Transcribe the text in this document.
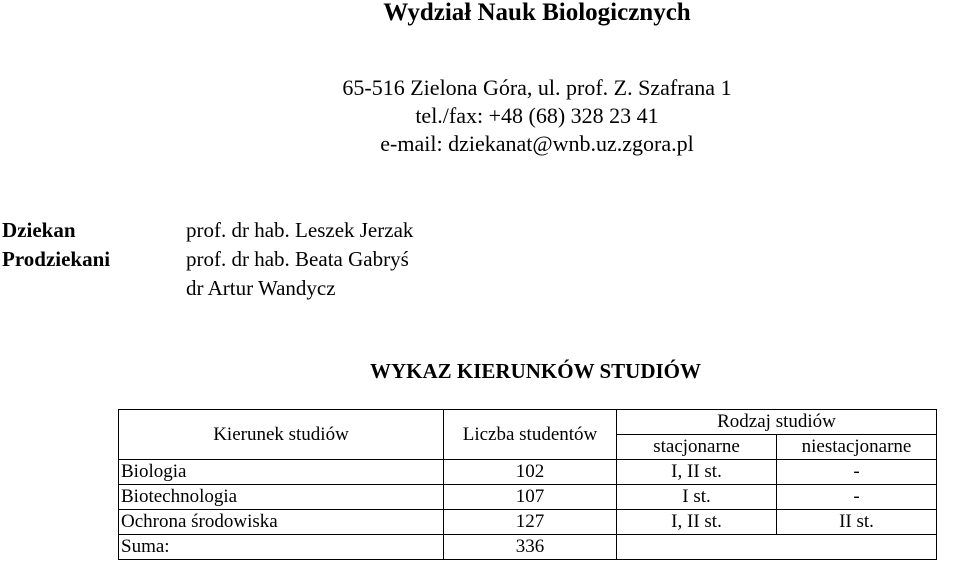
Wydział Nauk Biologicznych
65-516 Zielona Góra, ul. prof. Z. Szafrana 1
tel./fax: +48 (68) 328 23 41
e-mail: dziekanat@wnb.uz.zgora.pl
Dziekan	prof. dr hab. Leszek Jerzak
Prodziekani	prof. dr hab. Beata Gabryś
dr Artur Wandycz
WYKAZ KIERUNKÓW STUDIÓW
Kierunek studiów	Liczba studentów	Rodzaj studiów	
		stacjonarne	niestacjonarne
Biologia	102	I, II st.	-
Biotechnologia	107	I st.	-
Ochrona środowiska	127	I, II st.	II st.
Suma:	336		
